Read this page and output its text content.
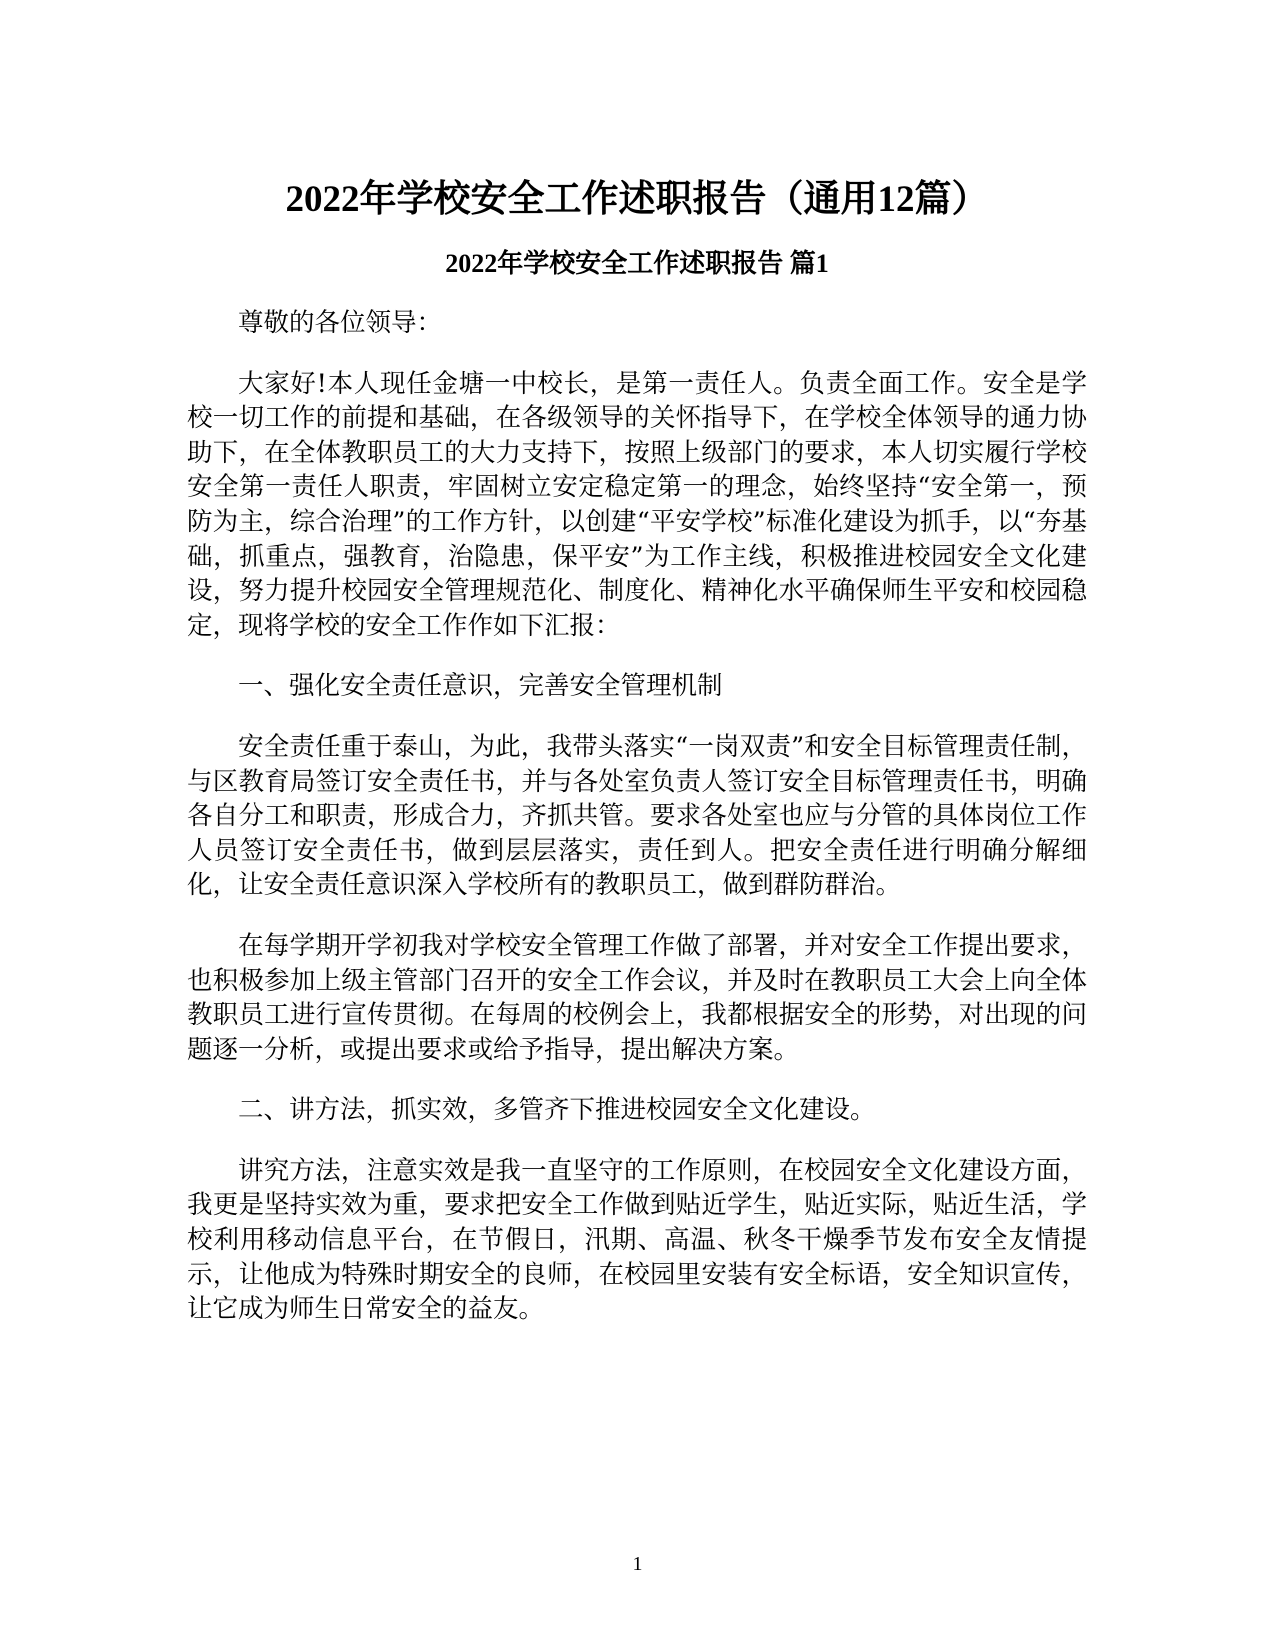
2022年学校安全工作述职报告（通用12篇）
2022年学校安全工作述职报告 篇1

尊敬的各位领导：

大家好!本人现任金塘一中校长，是第一责任人。负责全面工作。安全是学校一切工作的前提和基础，在各级领导的关怀指导下，在学校全体领导的通力协助下，在全体教职员工的大力支持下，按照上级部门的要求，本人切实履行学校安全第一责任人职责，牢固树立安定稳定第一的理念，始终坚持“安全第一，预防为主，综合治理”的工作方针，以创建“平安学校”标准化建设为抓手，以“夯基础，抓重点，强教育，治隐患，保平安”为工作主线，积极推进校园安全文化建设，努力提升校园安全管理规范化、制度化、精神化水平确保师生平安和校园稳定，现将学校的安全工作作如下汇报：

一、强化安全责任意识，完善安全管理机制

安全责任重于泰山，为此，我带头落实“一岗双责”和安全目标管理责任制，与区教育局签订安全责任书，并与各处室负责人签订安全目标管理责任书，明确各自分工和职责，形成合力，齐抓共管。要求各处室也应与分管的具体岗位工作人员签订安全责任书，做到层层落实，责任到人。把安全责任进行明确分解细化，让安全责任意识深入学校所有的教职员工，做到群防群治。

在每学期开学初我对学校安全管理工作做了部署，并对安全工作提出要求，也积极参加上级主管部门召开的安全工作会议，并及时在教职员工大会上向全体教职员工进行宣传贯彻。在每周的校例会上，我都根据安全的形势，对出现的问题逐一分析，或提出要求或给予指导，提出解决方案。

二、讲方法，抓实效，多管齐下推进校园安全文化建设。

讲究方法，注意实效是我一直坚守的工作原则，在校园安全文化建设方面，我更是坚持实效为重，要求把安全工作做到贴近学生，贴近实际，贴近生活，学校利用移动信息平台，在节假日，汛期、高温、秋冬干燥季节发布安全友情提示，让他成为特殊时期安全的良师，在校园里安装有安全标语，安全知识宣传，让它成为师生日常安全的益友。

1
